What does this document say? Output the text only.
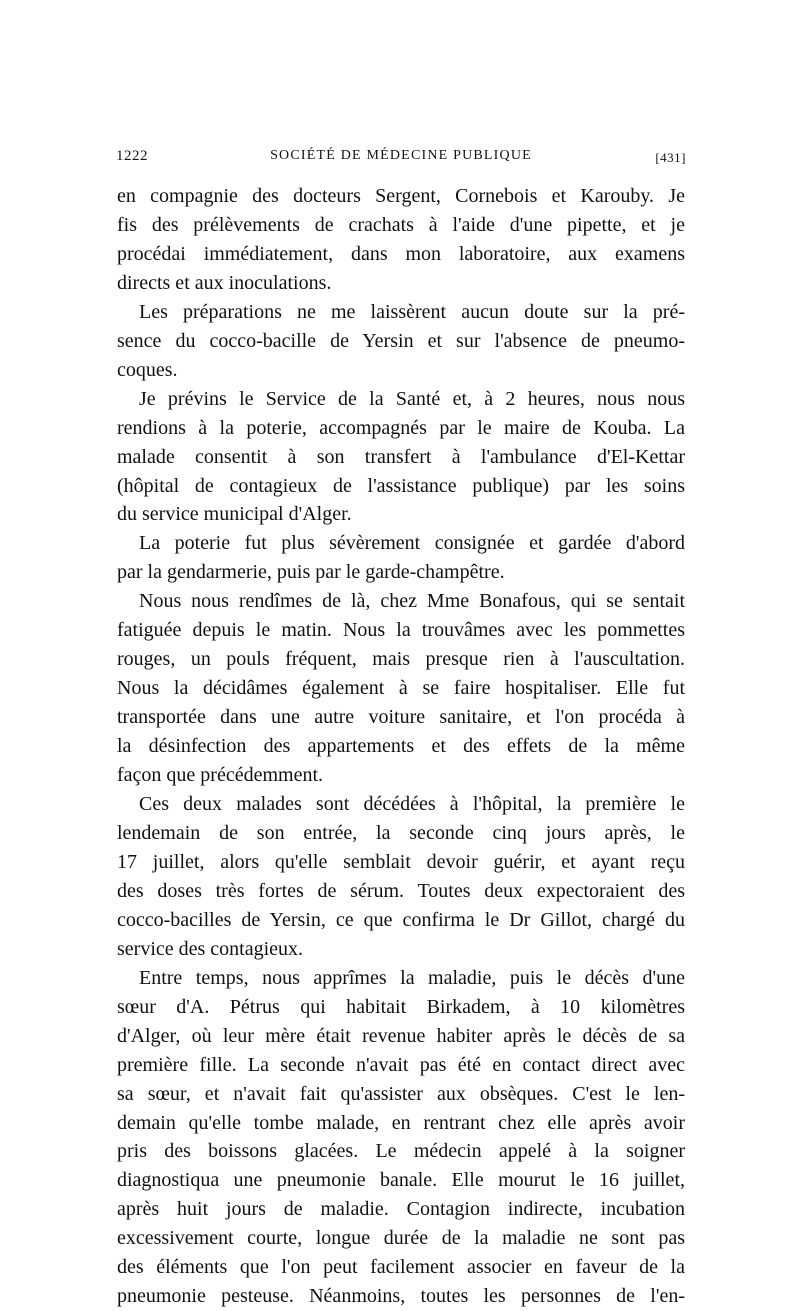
1222	SOCIÉTÉ DE MÉDECINE PUBLIQUE	[431]
en compagnie des docteurs Sergent, Cornebois et Karouby. Je
fis des prélèvements de crachats à l'aide d'une pipette, et je
procédai immédiatement, dans mon laboratoire, aux examens
directs et aux inoculations.
Les préparations ne me laissèrent aucun doute sur la pré-
sence du cocco-bacille de Yersin et sur l'absence de pneumo-
coques.
Je prévins le Service de la Santé et, à 2 heures, nous nous
rendions à la poterie, accompagnés par le maire de Kouba. La
malade consentit à son transfert à l'ambulance d'El-Kettar
(hôpital de contagieux de l'assistance publique) par les soins
du service municipal d'Alger.
La poterie fut plus sévèrement consignée et gardée d'abord
par la gendarmerie, puis par le garde-champêtre.
Nous nous rendîmes de là, chez Mme Bonafous, qui se sentait
fatiguée depuis le matin. Nous la trouvâmes avec les pommettes
rouges, un pouls fréquent, mais presque rien à l'auscultation.
Nous la décidâmes également à se faire hospitaliser. Elle fut
transportée dans une autre voiture sanitaire, et l'on procéda à
la désinfection des appartements et des effets de la même
façon que précédemment.
Ces deux malades sont décédées à l'hôpital, la première le
lendemain de son entrée, la seconde cinq jours après, le
17 juillet, alors qu'elle semblait devoir guérir, et ayant reçu
des doses très fortes de sérum. Toutes deux expectoraient des
cocco-bacilles de Yersin, ce que confirma le Dr Gillot, chargé du
service des contagieux.
Entre temps, nous apprîmes la maladie, puis le décès d'une
sœur d'A. Pétrus qui habitait Birkadem, à 10 kilomètres
d'Alger, où leur mère était revenue habiter après le décès de sa
première fille. La seconde n'avait pas été en contact direct avec
sa sœur, et n'avait fait qu'assister aux obsèques. C'est le len-
demain qu'elle tombe malade, en rentrant chez elle après avoir
pris des boissons glacées. Le médecin appelé à la soigner
diagnostiqua une pneumonie banale. Elle mourut le 16 juillet,
après huit jours de maladie. Contagion indirecte, incubation
excessivement courte, longue durée de la maladie ne sont pas
des éléments que l'on peut facilement associer en faveur de la
pneumonie pesteuse. Néanmoins, toutes les personnes de l'en-
